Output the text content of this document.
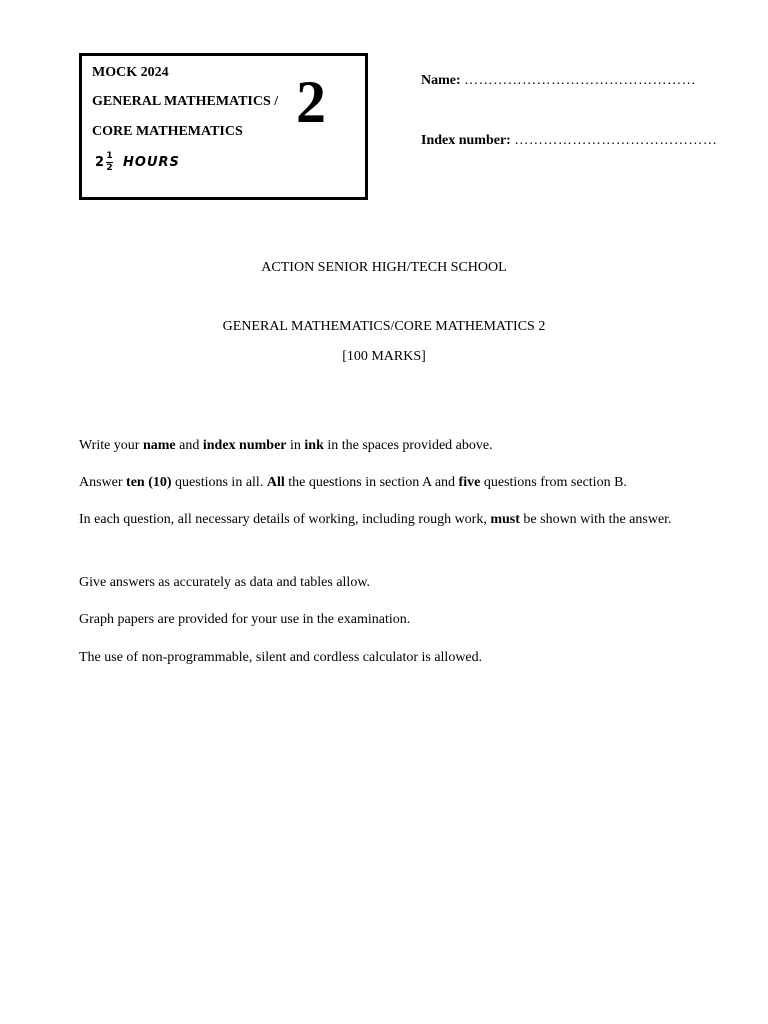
MOCK 2024
GENERAL MATHEMATICS /
CORE MATHEMATICS 2
$2 \frac{1}{2}$ HOURS
Name: …………………………………………
Index number: ……………………………………
ACTION SENIOR HIGH/TECH SCHOOL
GENERAL MATHEMATICS/CORE MATHEMATICS 2
[100 MARKS]
Write your name and index number in ink in the spaces provided above.
Answer ten (10) questions in all. All the questions in section A and five questions from section B.
In each question, all necessary details of working, including rough work, must be shown with the answer.
Give answers as accurately as data and tables allow.
Graph papers are provided for your use in the examination.
The use of non-programmable, silent and cordless calculator is allowed.
